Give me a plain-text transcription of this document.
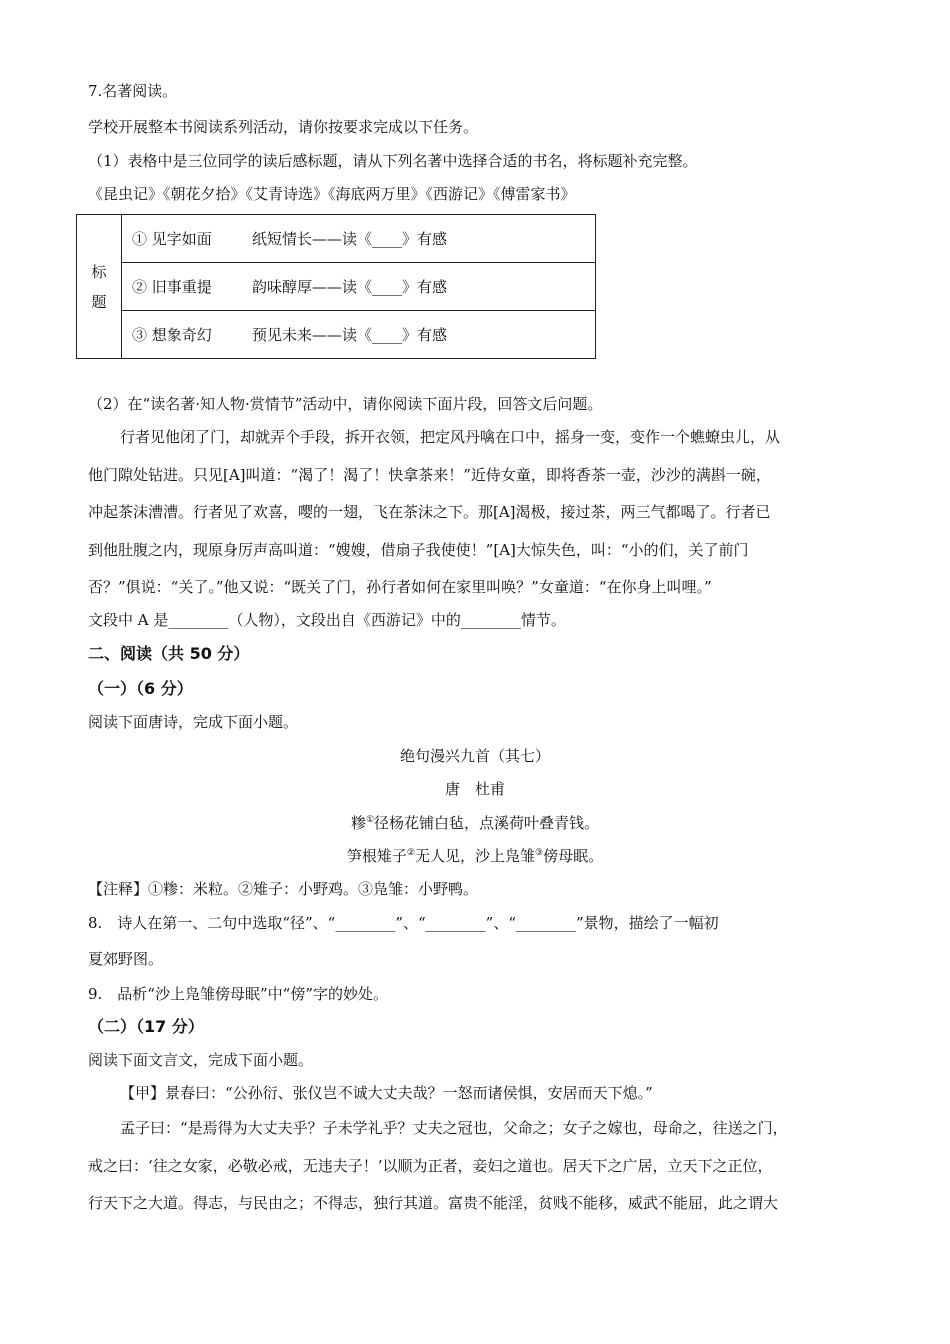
7.名著阅读。
学校开展整本书阅读系列活动，请你按要求完成以下任务。
（1）表格中是三位同学的读后感标题，请从下列名著中选择合适的书名，将标题补充完整。
《昆虫记》《朝花夕拾》《艾青诗选》《海底两万里》《西游记》《傅雷家书》
标
题	① 见字如面	纸短情长——读《____》有感
② 旧事重提	韵味醇厚——读《____》有感
③ 想象奇幻	预见未来——读《____》有感
（2）在“读名著·知人物·赏情节”活动中，请你阅读下面片段，回答文后问题。
行者见他闭了门，却就弄个手段，拆开衣领，把定风丹噙在口中，摇身一变，变作一个蟭蟟虫儿，从
他门隙处钻进。只见[A]叫道：“渴了！渴了！快拿茶来！”近侍女童，即将香茶一壶，沙沙的满斟一碗，
冲起茶沫漕漕。行者见了欢喜，嘤的一翅，飞在茶沫之下。那[A]渴极，接过茶，两三气都喝了。行者已
到他肚腹之内，现原身厉声高叫道：“嫂嫂，借扇子我使使！”[A]大惊失色，叫：“小的们，关了前门
否？”俱说：“关了。”他又说：“既关了门，孙行者如何在家里叫唤？”女童道：“在你身上叫哩。”
文段中 A 是________（人物），文段出自《西游记》中的________情节。
二、阅读（共 50 分）
（一）（6 分）
阅读下面唐诗，完成下面小题。
绝句漫兴九首（其七）
唐　杜甫
糁①径杨花铺白毡，点溪荷叶叠青钱。
笋根雉子②无人见，沙上凫雏③傍母眠。
【注释】①糁：米粒。②雉子：小野鸡。③凫雏：小野鸭。
8.　诗人在第一、二句中选取“径”、“________”、“________”、“________”景物，描绘了一幅初
夏郊野图。
9.　品析“沙上凫雏傍母眠”中“傍”字的妙处。
（二）（17 分）
阅读下面文言文，完成下面小题。
【甲】景春曰：“公孙衍、张仪岂不诚大丈夫哉？一怒而诸侯惧，安居而天下熄。”
孟子曰：“是焉得为大丈夫乎？子未学礼乎？丈夫之冠也，父命之；女子之嫁也，母命之，往送之门，
戒之曰：‘往之女家，必敬必戒，无违夫子！’以顺为正者，妾妇之道也。居天下之广居，立天下之正位，
行天下之大道。得志，与民由之；不得志，独行其道。富贵不能淫，贫贱不能移，威武不能屈，此之谓大
